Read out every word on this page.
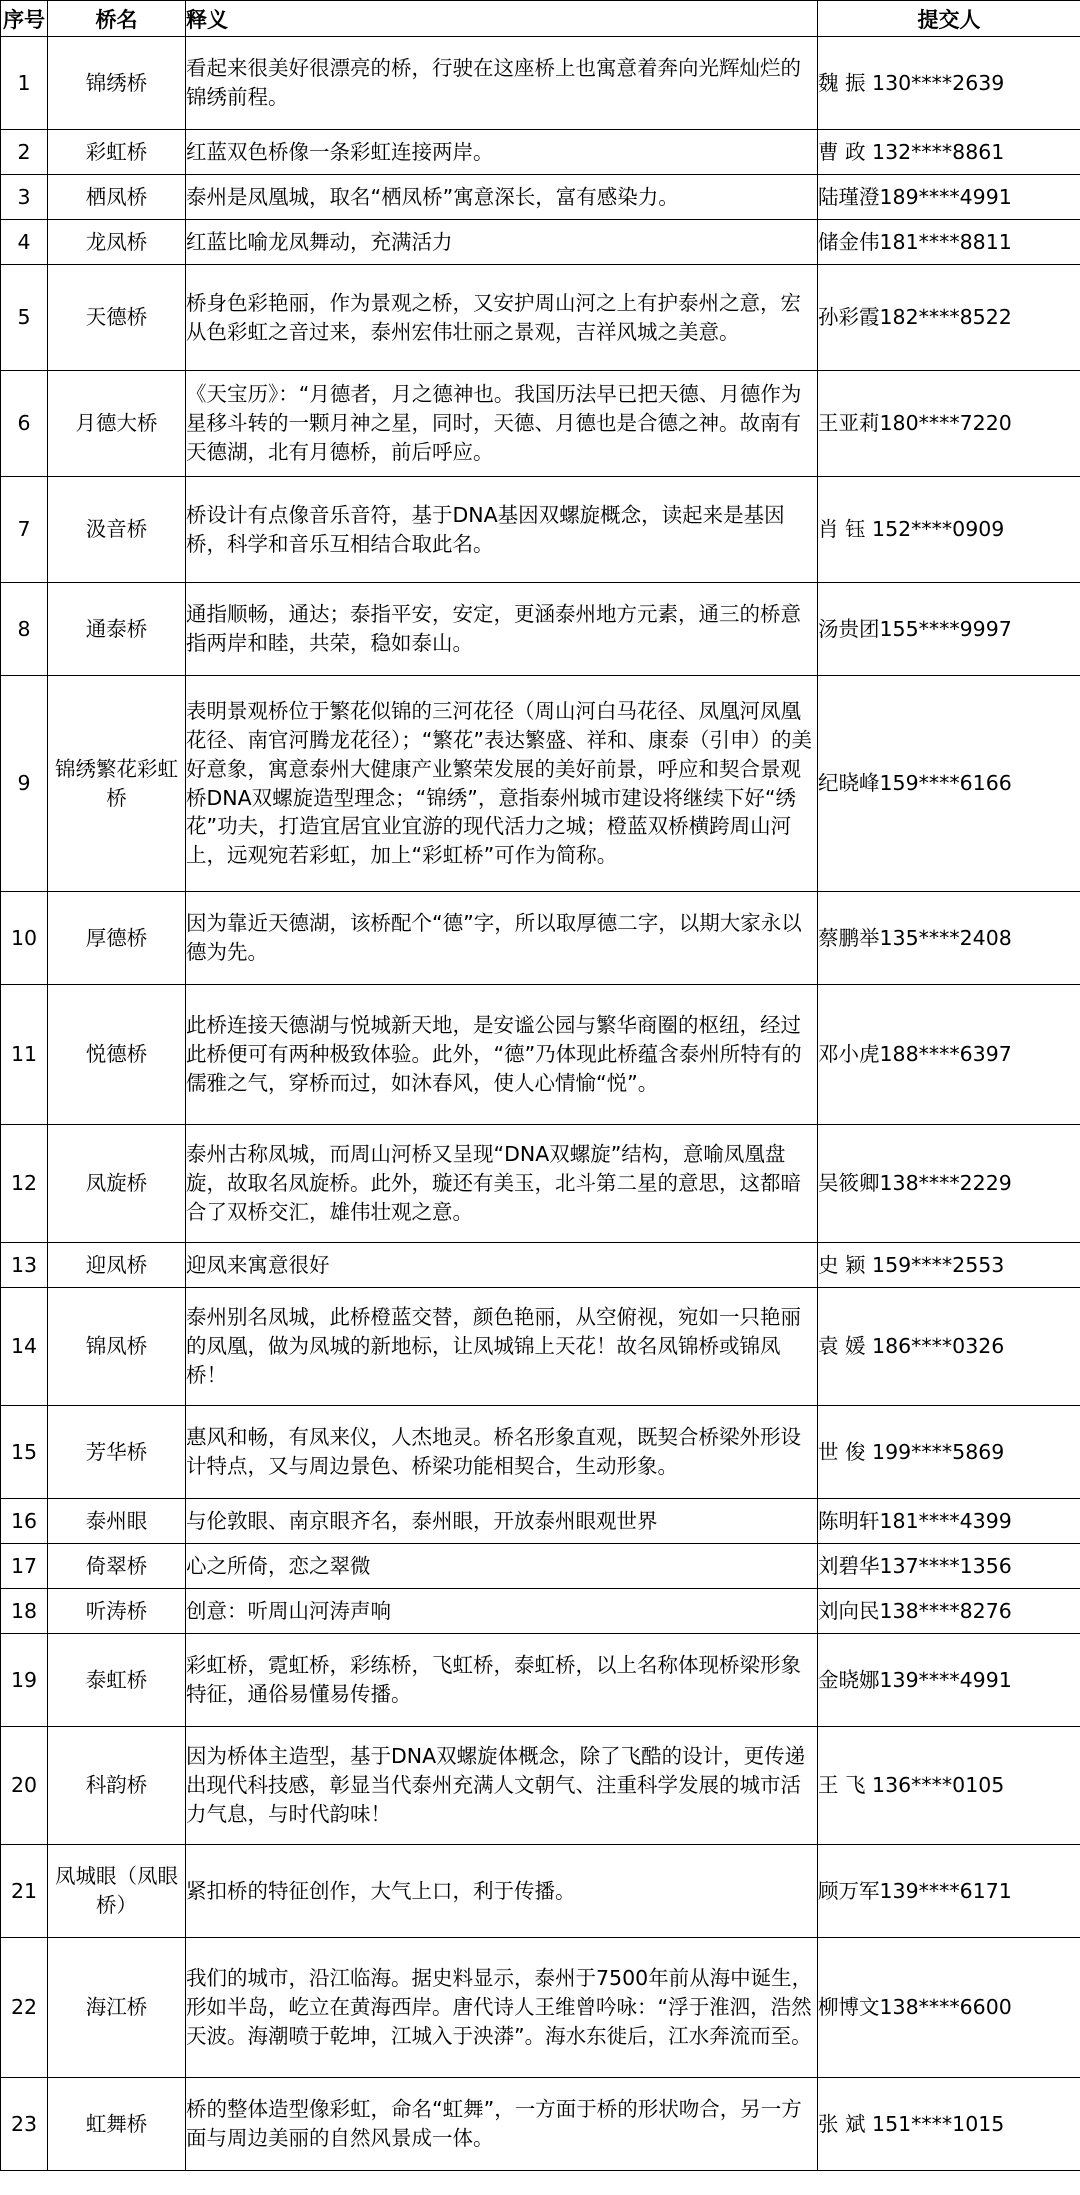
序号	桥名	释义	提交人
1	锦绣桥	看起来很美好很漂亮的桥，行驶在这座桥上也寓意着奔向光辉灿烂的锦绣前程。	魏 振 130****2639
2	彩虹桥	红蓝双色桥像一条彩虹连接两岸。	曹 政 132****8861
3	栖凤桥	泰州是凤凰城，取名“栖凤桥”寓意深长，富有感染力。	陆瑾澄189****4991
4	龙凤桥	红蓝比喻龙凤舞动，充满活力	储金伟181****8811
5	天德桥	桥身色彩艳丽，作为景观之桥，又安护周山河之上有护泰州之意，宏从色彩虹之音过来，泰州宏伟壮丽之景观，吉祥风城之美意。	孙彩霞182****8522
6	月德大桥	《天宝历》：“月德者，月之德神也。我国历法早已把天德、月德作为星移斗转的一颗月神之星，同时，天德、月德也是合德之神。故南有天德湖，北有月德桥，前后呼应。	王亚莉180****7220
7	汲音桥	桥设计有点像音乐音符，基于DNA基因双螺旋概念，读起来是基因桥，科学和音乐互相结合取此名。	肖 钰 152****0909
8	通泰桥	通指顺畅，通达；泰指平安，安定，更涵泰州地方元素，通三的桥意指两岸和睦，共荣，稳如泰山。	汤贵团155****9997
9	锦绣繁花彩虹桥	表明景观桥位于繁花似锦的三河花径（周山河白马花径、凤凰河凤凰花径、南官河腾龙花径）；“繁花”表达繁盛、祥和、康泰（引申）的美好意象，寓意泰州大健康产业繁荣发展的美好前景，呼应和契合景观桥DNA双螺旋造型理念；“锦绣”，意指泰州城市建设将继续下好“绣花”功夫，打造宜居宜业宜游的现代活力之城；橙蓝双桥横跨周山河上，远观宛若彩虹，加上“彩虹桥”可作为简称。	纪晓峰159****6166
10	厚德桥	因为靠近天德湖，该桥配个“德”字，所以取厚德二字，以期大家永以德为先。	蔡鹏举135****2408
11	悦德桥	此桥连接天德湖与悦城新天地，是安谧公园与繁华商圈的枢纽，经过此桥便可有两种极致体验。此外，“德”乃体现此桥蕴含泰州所特有的儒雅之气，穿桥而过，如沐春风，使人心情愉“悦”。	邓小虎188****6397
12	凤旋桥	泰州古称凤城，而周山河桥又呈现“DNA双螺旋”结构，意喻凤凰盘旋，故取名凤旋桥。此外，璇还有美玉，北斗第二星的意思，这都暗合了双桥交汇，雄伟壮观之意。	吴筱卿138****2229
13	迎凤桥	迎凤来寓意很好	史 颖 159****2553
14	锦凤桥	泰州别名凤城，此桥橙蓝交替，颜色艳丽，从空俯视，宛如一只艳丽的凤凰，做为凤城的新地标，让凤城锦上天花！故名凤锦桥或锦凤桥！	袁 媛 186****0326
15	芳华桥	惠风和畅，有凤来仪，人杰地灵。桥名形象直观，既契合桥梁外形设计特点，又与周边景色、桥梁功能相契合，生动形象。	世 俊 199****5869
16	泰州眼	与伦敦眼、南京眼齐名，泰州眼，开放泰州眼观世界	陈明轩181****4399
17	倚翠桥	心之所倚，恋之翠微	刘碧华137****1356
18	听涛桥	创意：听周山河涛声响	刘向民138****8276
19	泰虹桥	彩虹桥，霓虹桥，彩练桥，飞虹桥，泰虹桥，以上名称体现桥梁形象特征，通俗易懂易传播。	金晓娜139****4991
20	科韵桥	因为桥体主造型，基于DNA双螺旋体概念，除了飞酷的设计，更传递出现代科技感，彰显当代泰州充满人文朝气、注重科学发展的城市活力气息，与时代韵味！	王 飞 136****0105
21	凤城眼（凤眼桥）	紧扣桥的特征创作，大气上口，利于传播。	顾万军139****6171
22	海江桥	我们的城市，沿江临海。据史料显示，泰州于7500年前从海中诞生，形如半岛，屹立在黄海西岸。唐代诗人王维曾吟咏：“浮于淮泗，浩然天波。海潮喷于乾坤，江城入于泱漭”。海水东徙后，江水奔流而至。	柳博文138****6600
23	虹舞桥	桥的整体造型像彩虹，命名“虹舞”，一方面于桥的形状吻合，另一方面与周边美丽的自然风景成一体。	张 斌 151****1015
